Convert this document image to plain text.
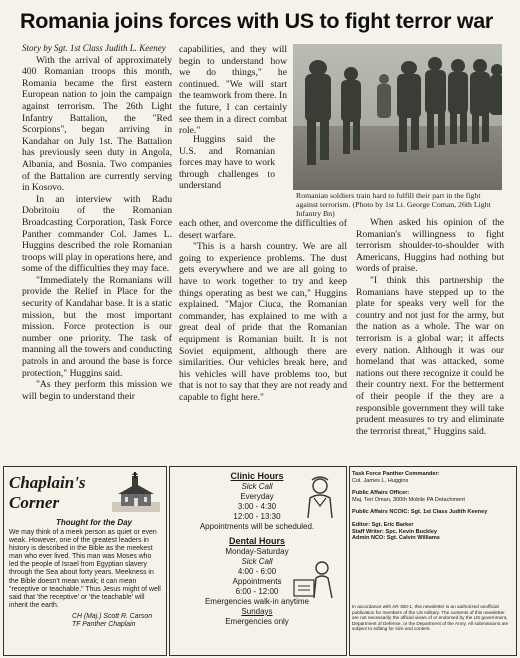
Romania joins forces with US to fight terror war

Story by Sgt. 1st Class Judith L. Keeney

With the arrival of approximately 400 Romanian troops this month, Romania became the first eastern European nation to join the campaign against terrorism. The 26th Light Infantry Battalion, the "Red Scorpions", began arriving in Kandahar on July 1st. The Battalion has previously seen duty in Angola, Albania, and Bosnia. Two companies of the Battalion are currently serving in Kosovo.

In an interview with Radu Dobritoiu of the Romanian Broadcasting Corporation, Task Force Panther commander Col. James L. Huggins described the role Romanian troops will play in operations here, and some of the difficulties they may face.

"Immediately the Romanians will provide the Relief in Place for the security of Kandahar base. It is a static mission, but the most important mission. Force protection is our number one priority. The task of manning all the towers and conducting patrols in and around the base is force protection," Huggins said.

"As they perform this mission we will begin to understand their

capabilities, and they will begin to understand how we do things," he continued. "We will start the teamwork from there. In the future, I can certainly see them in a direct combat role."

Huggins said the U.S. and Romanian forces may have to work through challenges to understand

each other, and overcome the difficulties of desert warfare.

"This is a harsh country. We are all going to experience problems. The dust gets everywhere and we are all going to have to work together to try and keep things operating as best we can," Huggins explained. "Major Ciuca, the Romanian commander, has explained to me with a great deal of pride that the Romanian equipment is Romanian built. It is not Soviet equipment, although there are similarities. Our vehicles break here, and his vehicles will have problems too, but that is not to say that they are not ready and capable to fight here."

Romanian soldiers train hard to fulfill their part in the fight against terrorism. (Photo by 1st Lt. George Coman, 26th Light Infantry Bn)

When asked his opinion of the Romanian's willingness to fight terrorism shoulder-to-shoulder with Americans, Huggins had nothing but words of praise.

"I think this partnership the Romanians have stepped up to the plate for speaks very well for the country and not just for the army, but the nation as a whole. The war on terrorism is a global war; it affects every nation. Although it was our homeland that was attacked, some nations out there recognize it could be their country next. For the betterment of their people if the they are a responsible government they will take prudent measures to try and eliminate the terrorist threat," Huggins said.

Chaplain's
Corner
Thought for the Day
We may think of a meek person as quiet or even weak. However, one of the greatest leaders in history is described in the Bible as the meekest man who ever lived. This man was Moses who led the people of Israel from Egyptian slavery through the Sea about forty years. Meekness in the Bible doesn't mean weak; it can mean "receptive or teachable." Thus Jesus might of well said that 'the receptive' or 'the teachable' will inherit the earth.
CH (Maj.) Scott R. Carson
TF Panther Chaplain
Clinic Hours
Sick Call
Everyday
3:00 - 4:30
12:00 - 13:30
Appointments will be scheduled.
Dental Hours
Monday-Saturday
Sick Call
4:00 - 6:00
Appointments
6:00 - 12:00
Emergencies walk-in anytime
Sundays
Emergencies only
Task Force Panther Commander:
Col. James L. Huggins
Public Affairs Officer:
Maj. Teri Oman, 300th Mobile PA Detachment
Public Affairs NCOIC: Sgt. 1st Class Judith Keeney
Editor: Sgt. Eric Barker
Staff Writer: Spc. Kevin Buckley
Admin NCO: Sgt. Calvin Williams
In accordance with AR 360-1, this newsletter is an authorized unofficial publication for members of the US military. The contents of this newsletter are not necessarily the official views of or endorsed by the US government, Department of Defense, or the Department of the Army. All submissions are subject to editing for size and content.
